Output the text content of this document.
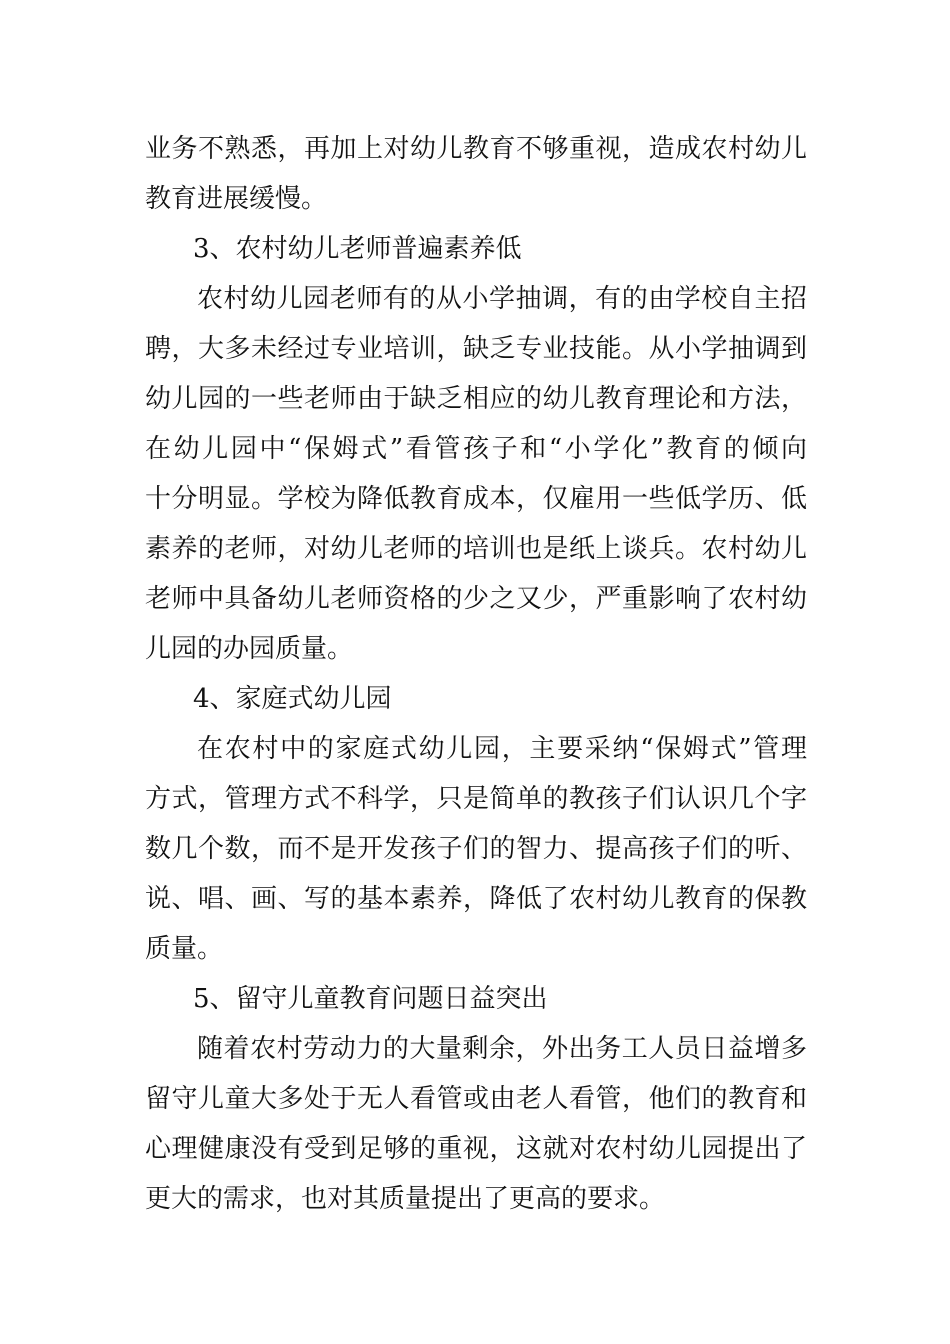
业务不熟悉，再加上对幼儿教育不够重视，造成农村幼儿

教育进展缓慢。

3、农村幼儿老师普遍素养低

农村幼儿园老师有的从小学抽调，有的由学校自主招

聘，大多未经过专业培训，缺乏专业技能。从小学抽调到

幼儿园的一些老师由于缺乏相应的幼儿教育理论和方法，

在幼儿园中“保姆式”看管孩子和“小学化”教育的倾向

十分明显。学校为降低教育成本，仅雇用一些低学历、低

素养的老师，对幼儿老师的培训也是纸上谈兵。农村幼儿

老师中具备幼儿老师资格的少之又少，严重影响了农村幼

儿园的办园质量。

4、家庭式幼儿园

在农村中的家庭式幼儿园，主要采纳“保姆式”管理

方式，管理方式不科学，只是简单的教孩子们认识几个字

数几个数，而不是开发孩子们的智力、提高孩子们的听、

说、唱、画、写的基本素养，降低了农村幼儿教育的保教

质量。

5、留守儿童教育问题日益突出

随着农村劳动力的大量剩余，外出务工人员日益增多

留守儿童大多处于无人看管或由老人看管，他们的教育和

心理健康没有受到足够的重视，这就对农村幼儿园提出了

更大的需求，也对其质量提出了更高的要求。
